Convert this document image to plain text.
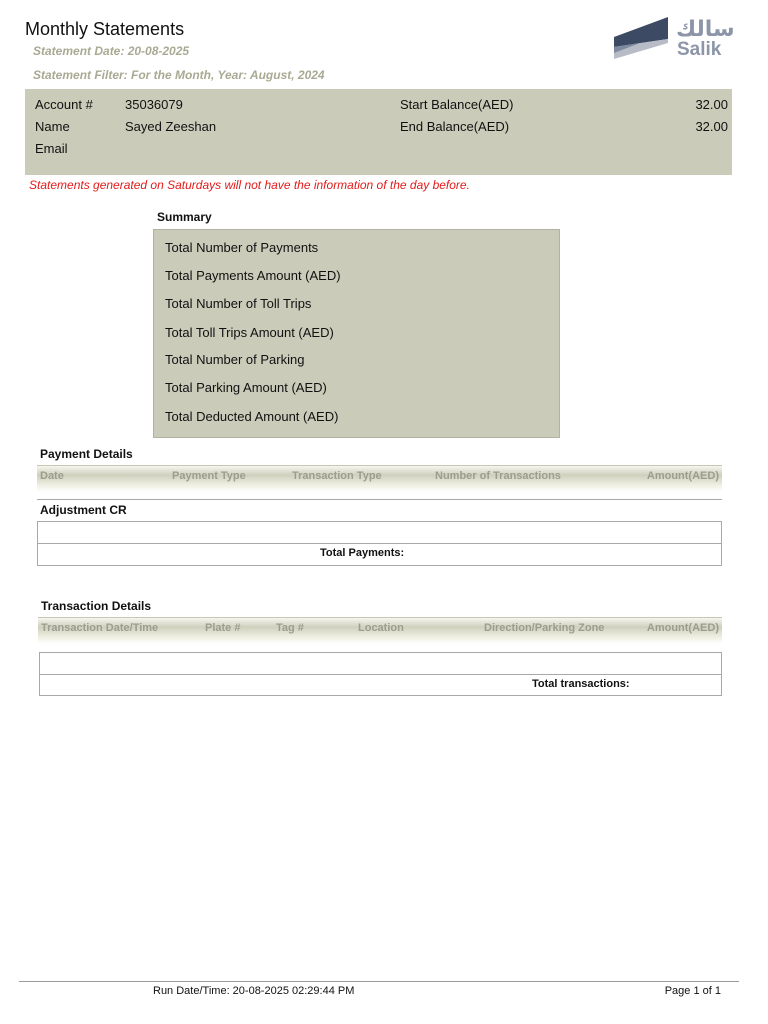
Monthly Statements
Statement Date: 20-08-2025
Statement Filter: For the Month, Year: August, 2024
سالك
Salik
Account # 35036079
Name	Sayed Zeeshan
Email
Start Balance(AED)	32.00
End Balance(AED)	32.00
Statements generated on Saturdays will not have the information of the day before.
Summary
Total Number of Payments
Total Payments Amount (AED)
Total Number of Toll Trips
Total Toll Trips Amount (AED)
Total Number of Parking
Total Parking Amount (AED)
Total Deducted Amount (AED)
Payment Details
Date	Payment Type	Transaction Type	Number of Transactions	Amount(AED)
Adjustment CR
Total Payments:
Transaction Details
Transaction Date/Time	Plate #	Tag #	Location	Direction/Parking Zone	Amount(AED)
Total transactions:
Run Date/Time: 20-08-2025 02:29:44 PM	Page 1 of 1
